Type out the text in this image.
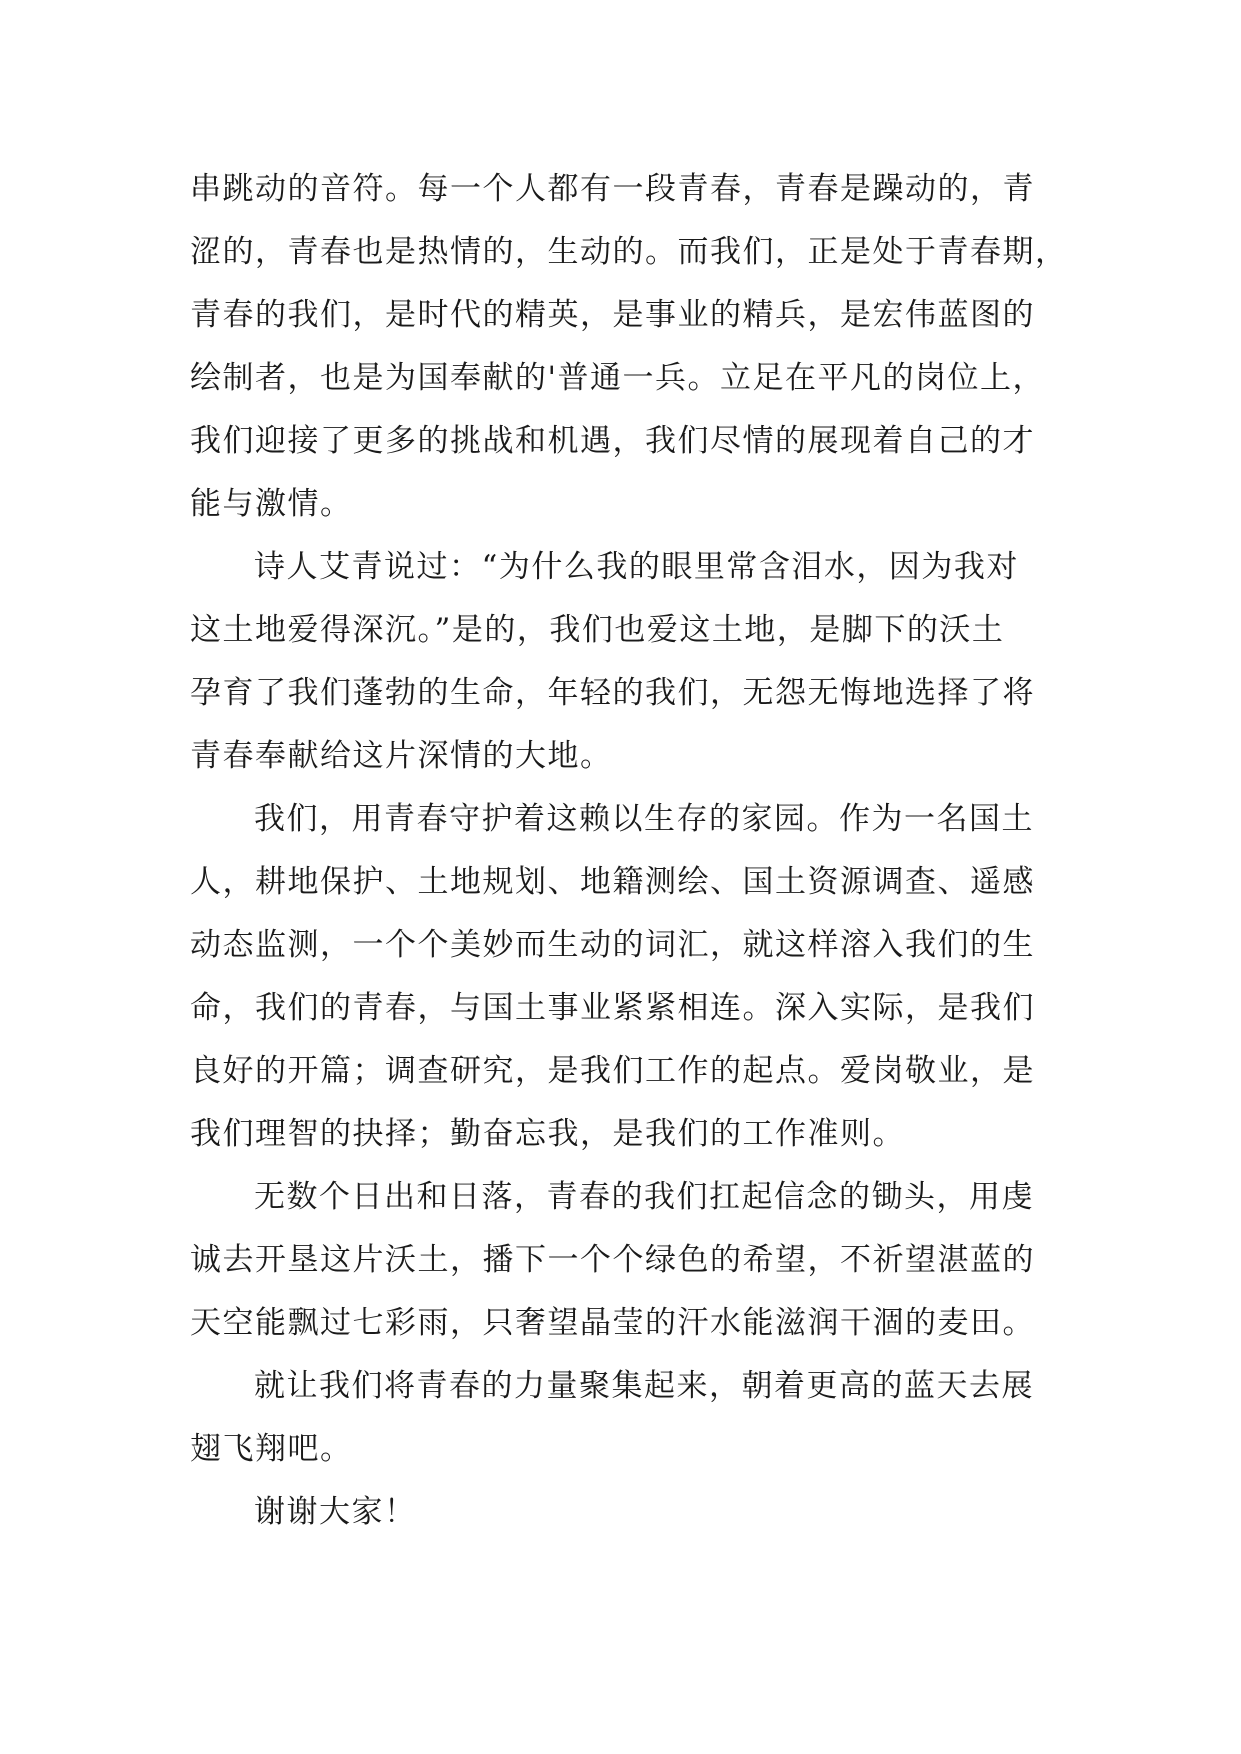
串跳动的音符。每一个人都有一段青春，青春是躁动的，青
涩的，青春也是热情的，生动的。而我们，正是处于青春期，
青春的我们，是时代的精英，是事业的精兵，是宏伟蓝图的
绘制者，也是为国奉献的'普通一兵。立足在平凡的岗位上，
我们迎接了更多的挑战和机遇，我们尽情的展现着自己的才
能与激情。
诗人艾青说过：“为什么我的眼里常含泪水，因为我对
这土地爱得深沉。”是的，我们也爱这土地，是脚下的沃土
孕育了我们蓬勃的生命，年轻的我们，无怨无悔地选择了将
青春奉献给这片深情的大地。
我们，用青春守护着这赖以生存的家园。作为一名国土
人，耕地保护、土地规划、地籍测绘、国土资源调查、遥感
动态监测，一个个美妙而生动的词汇，就这样溶入我们的生
命，我们的青春，与国土事业紧紧相连。深入实际，是我们
良好的开篇；调查研究，是我们工作的起点。爱岗敬业，是
我们理智的抉择；勤奋忘我，是我们的工作准则。
无数个日出和日落，青春的我们扛起信念的锄头，用虔
诚去开垦这片沃土，播下一个个绿色的希望，不祈望湛蓝的
天空能飘过七彩雨，只奢望晶莹的汗水能滋润干涸的麦田。
就让我们将青春的力量聚集起来，朝着更高的蓝天去展
翅飞翔吧。
谢谢大家！
